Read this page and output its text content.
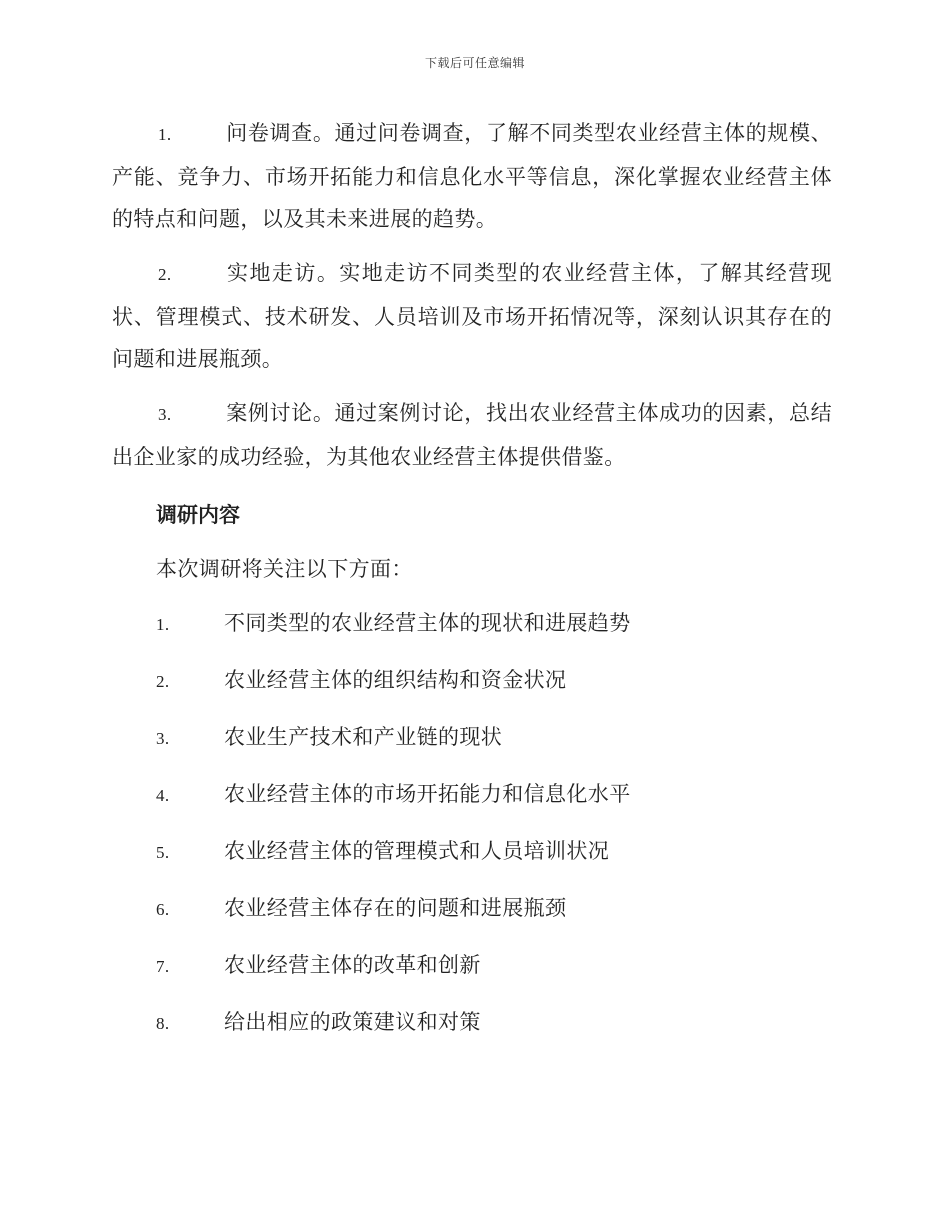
下载后可任意编辑

1.	问卷调查。通过问卷调查，了解不同类型农业经营主体的规模、产能、竞争力、市场开拓能力和信息化水平等信息，深化掌握农业经营主体的特点和问题，以及其未来进展的趋势。

2.	实地走访。实地走访不同类型的农业经营主体，了解其经营现状、管理模式、技术研发、人员培训及市场开拓情况等，深刻认识其存在的问题和进展瓶颈。

3.	案例讨论。通过案例讨论，找出农业经营主体成功的因素，总结出企业家的成功经验，为其他农业经营主体提供借鉴。

调研内容
本次调研将关注以下方面：
1.	不同类型的农业经营主体的现状和进展趋势
2.	农业经营主体的组织结构和资金状况
3.	农业生产技术和产业链的现状
4.	农业经营主体的市场开拓能力和信息化水平
5.	农业经营主体的管理模式和人员培训状况
6.	农业经营主体存在的问题和进展瓶颈
7.	农业经营主体的改革和创新
8.	给出相应的政策建议和对策
